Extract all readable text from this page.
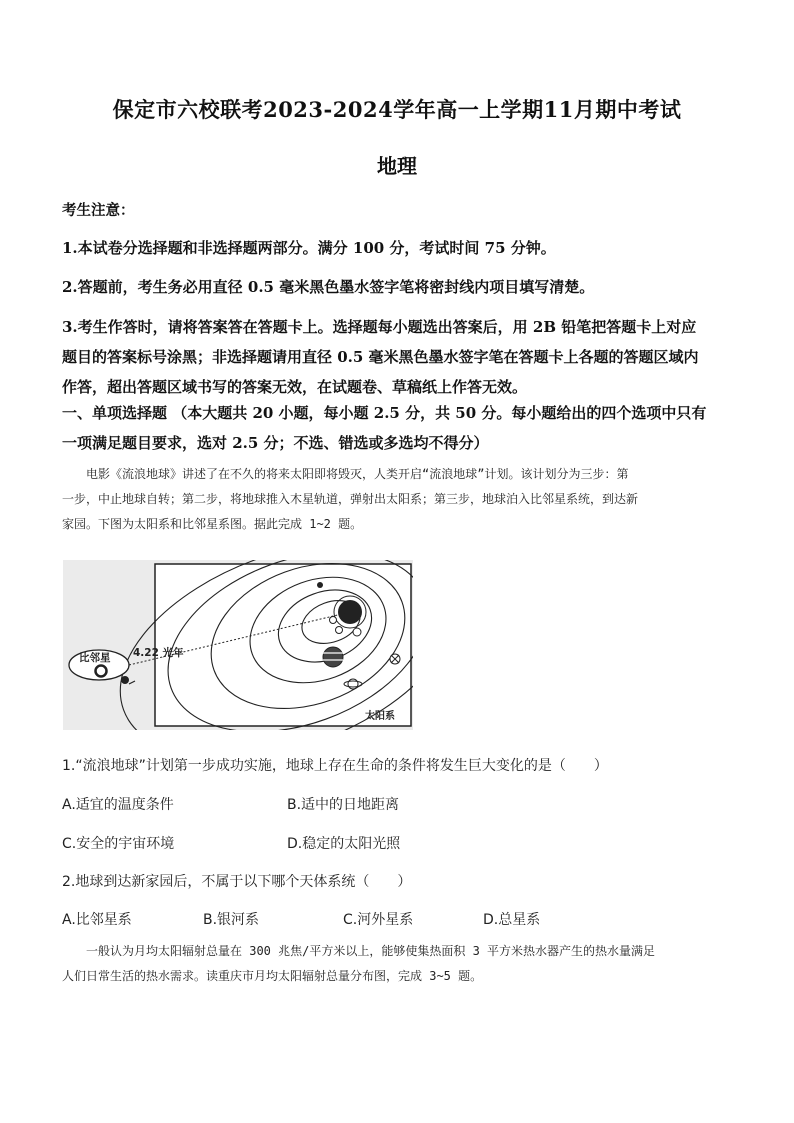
保定市六校联考2023-2024学年高一上学期11月期中考试
地理
考生注意：
1.本试卷分选择题和非选择题两部分。满分 100 分，考试时间 75 分钟。
2.答题前，考生务必用直径 0.5 毫米黑色墨水签字笔将密封线内项目填写清楚。
3.考生作答时，请将答案答在答题卡上。选择题每小题选出答案后，用 2B 铅笔把答题卡上对应
题目的答案标号涂黑；非选择题请用直径 0.5 毫米黑色墨水签字笔在答题卡上各题的答题区域内
作答，超出答题区域书写的答案无效，在试题卷、草稿纸上作答无效。
一、单项选择题 （本大题共 20 小题，每小题 2.5 分，共 50 分。每小题给出的四个选项中只有
一项满足题目要求，选对 2.5 分；不选、错选或多选均不得分）
电影《流浪地球》讲述了在不久的将来太阳即将毁灭，人类开启“流浪地球”计划。该计划分为三步：第
一步，中止地球自转；第二步，将地球推入木星轨道，弹射出太阳系；第三步，地球泊入比邻星系统，到达新
家园。下图为太阳系和比邻星系图。据此完成 1~2 题。
比邻星 4.22 光年
太阳系
1.“流浪地球”计划第一步成功实施，地球上存在生命的条件将发生巨大变化的是（　　）
A.适宜的温度条件	B.适中的日地距离
C.安全的宇宙环境	D.稳定的太阳光照
2.地球到达新家园后，不属于以下哪个天体系统（　　）
A.比邻星系	B.银河系	C.河外星系	D.总星系
一般认为月均太阳辐射总量在 300 兆焦/平方米以上，能够使集热面积 3 平方米热水器产生的热水量满足
人们日常生活的热水需求。读重庆市月均太阳辐射总量分布图，完成 3~5 题。
